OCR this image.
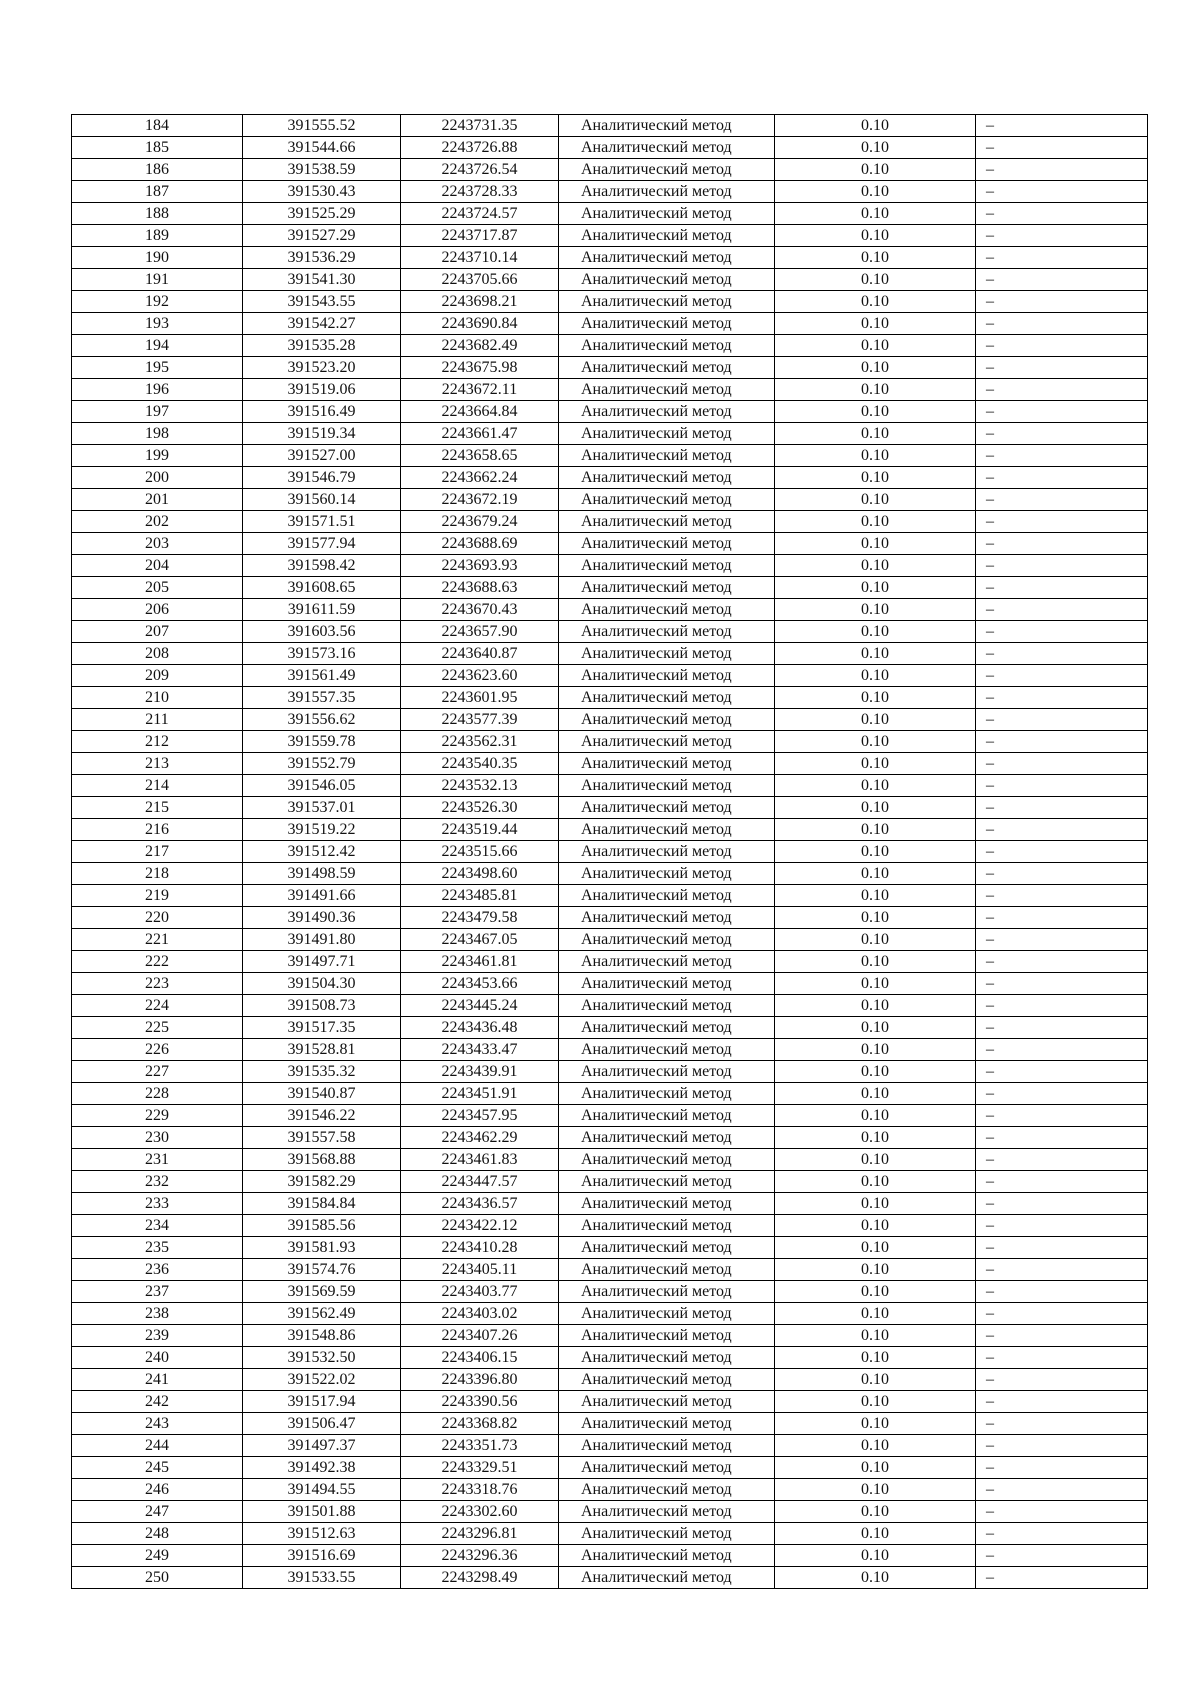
184	391555.52	2243731.35	Аналитический метод	0.10	–
185	391544.66	2243726.88	Аналитический метод	0.10	–
186	391538.59	2243726.54	Аналитический метод	0.10	–
187	391530.43	2243728.33	Аналитический метод	0.10	–
188	391525.29	2243724.57	Аналитический метод	0.10	–
189	391527.29	2243717.87	Аналитический метод	0.10	–
190	391536.29	2243710.14	Аналитический метод	0.10	–
191	391541.30	2243705.66	Аналитический метод	0.10	–
192	391543.55	2243698.21	Аналитический метод	0.10	–
193	391542.27	2243690.84	Аналитический метод	0.10	–
194	391535.28	2243682.49	Аналитический метод	0.10	–
195	391523.20	2243675.98	Аналитический метод	0.10	–
196	391519.06	2243672.11	Аналитический метод	0.10	–
197	391516.49	2243664.84	Аналитический метод	0.10	–
198	391519.34	2243661.47	Аналитический метод	0.10	–
199	391527.00	2243658.65	Аналитический метод	0.10	–
200	391546.79	2243662.24	Аналитический метод	0.10	–
201	391560.14	2243672.19	Аналитический метод	0.10	–
202	391571.51	2243679.24	Аналитический метод	0.10	–
203	391577.94	2243688.69	Аналитический метод	0.10	–
204	391598.42	2243693.93	Аналитический метод	0.10	–
205	391608.65	2243688.63	Аналитический метод	0.10	–
206	391611.59	2243670.43	Аналитический метод	0.10	–
207	391603.56	2243657.90	Аналитический метод	0.10	–
208	391573.16	2243640.87	Аналитический метод	0.10	–
209	391561.49	2243623.60	Аналитический метод	0.10	–
210	391557.35	2243601.95	Аналитический метод	0.10	–
211	391556.62	2243577.39	Аналитический метод	0.10	–
212	391559.78	2243562.31	Аналитический метод	0.10	–
213	391552.79	2243540.35	Аналитический метод	0.10	–
214	391546.05	2243532.13	Аналитический метод	0.10	–
215	391537.01	2243526.30	Аналитический метод	0.10	–
216	391519.22	2243519.44	Аналитический метод	0.10	–
217	391512.42	2243515.66	Аналитический метод	0.10	–
218	391498.59	2243498.60	Аналитический метод	0.10	–
219	391491.66	2243485.81	Аналитический метод	0.10	–
220	391490.36	2243479.58	Аналитический метод	0.10	–
221	391491.80	2243467.05	Аналитический метод	0.10	–
222	391497.71	2243461.81	Аналитический метод	0.10	–
223	391504.30	2243453.66	Аналитический метод	0.10	–
224	391508.73	2243445.24	Аналитический метод	0.10	–
225	391517.35	2243436.48	Аналитический метод	0.10	–
226	391528.81	2243433.47	Аналитический метод	0.10	–
227	391535.32	2243439.91	Аналитический метод	0.10	–
228	391540.87	2243451.91	Аналитический метод	0.10	–
229	391546.22	2243457.95	Аналитический метод	0.10	–
230	391557.58	2243462.29	Аналитический метод	0.10	–
231	391568.88	2243461.83	Аналитический метод	0.10	–
232	391582.29	2243447.57	Аналитический метод	0.10	–
233	391584.84	2243436.57	Аналитический метод	0.10	–
234	391585.56	2243422.12	Аналитический метод	0.10	–
235	391581.93	2243410.28	Аналитический метод	0.10	–
236	391574.76	2243405.11	Аналитический метод	0.10	–
237	391569.59	2243403.77	Аналитический метод	0.10	–
238	391562.49	2243403.02	Аналитический метод	0.10	–
239	391548.86	2243407.26	Аналитический метод	0.10	–
240	391532.50	2243406.15	Аналитический метод	0.10	–
241	391522.02	2243396.80	Аналитический метод	0.10	–
242	391517.94	2243390.56	Аналитический метод	0.10	–
243	391506.47	2243368.82	Аналитический метод	0.10	–
244	391497.37	2243351.73	Аналитический метод	0.10	–
245	391492.38	2243329.51	Аналитический метод	0.10	–
246	391494.55	2243318.76	Аналитический метод	0.10	–
247	391501.88	2243302.60	Аналитический метод	0.10	–
248	391512.63	2243296.81	Аналитический метод	0.10	–
249	391516.69	2243296.36	Аналитический метод	0.10	–
250	391533.55	2243298.49	Аналитический метод	0.10	–
